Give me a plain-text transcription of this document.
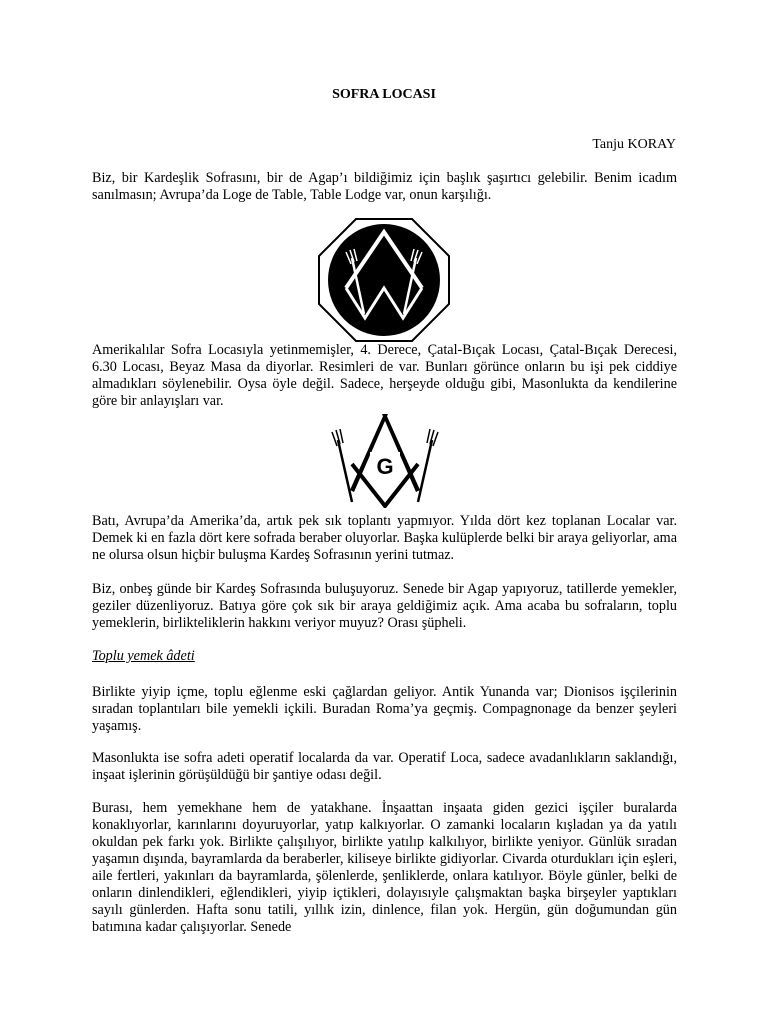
SOFRA LOCASI
Tanju KORAY

Biz, bir Kardeşlik Sofrasını, bir de Agap’ı bildiğimiz için başlık şaşırtıcı gelebilir. Benim icadım sanılmasın; Avrupa’da Loge de Table, Table Lodge var, onun karşılığı.

Amerikalılar Sofra Locasıyla yetinmemişler, 4. Derece, Çatal-Bıçak Locası, Çatal-Bıçak Derecesi, 6.30 Locası, Beyaz Masa da diyorlar. Resimleri de var. Bunları görünce onların bu işi pek ciddiye almadıkları söylenebilir. Oysa öyle değil. Sadece, herşeyde olduğu gibi, Masonlukta da kendilerine göre bir anlayışları var.

G

Batı, Avrupa’da Amerika’da, artık pek sık toplantı yapmıyor. Yılda dört kez toplanan Localar var. Demek ki en fazla dört kere sofrada beraber oluyorlar. Başka kulüplerde belki bir araya geliyorlar, ama ne olursa olsun hiçbir buluşma Kardeş Sofrasının yerini tutmaz.

Biz, onbeş günde bir Kardeş Sofrasında buluşuyoruz. Senede bir Agap yapıyoruz, tatillerde yemekler, geziler düzenliyoruz. Batıya göre çok sık bir araya geldiğimiz açık. Ama acaba bu sofraların, toplu yemeklerin, birlikteliklerin hakkını veriyor muyuz? Orası şüpheli.

Toplu yemek âdeti

Birlikte yiyip içme, toplu eğlenme eski çağlardan geliyor. Antik Yunanda var; Dionisos işçilerinin sıradan toplantıları bile yemekli içkili. Buradan Roma’ya geçmiş. Compagnonage da benzer şeyleri yaşamış.

Masonlukta ise sofra adeti operatif localarda da var. Operatif Loca, sadece avadanlıkların saklandığı, inşaat işlerinin görüşüldüğü bir şantiye odası değil.

Burası, hem yemekhane hem de yatakhane. İnşaattan inşaata giden gezici işçiler buralarda konaklıyorlar, karınlarını doyuruyorlar, yatıp kalkıyorlar. O zamanki locaların kışladan ya da yatılı okuldan pek farkı yok. Birlikte çalışılıyor, birlikte yatılıp kalkılıyor, birlikte yeniyor. Günlük sıradan yaşamın dışında, bayramlarda da beraberler, kiliseye birlikte gidiyorlar. Civarda oturdukları için eşleri, aile fertleri, yakınları da bayramlarda, şölenlerde, şenliklerde, onlara katılıyor. Böyle günler, belki de onların dinlendikleri, eğlendikleri, yiyip içtikleri, dolayısıyle çalışmaktan başka birşeyler yaptıkları sayılı günlerden. Hafta sonu tatili, yıllık izin, dinlence, filan yok. Hergün, gün doğumundan gün batımına kadar çalışıyorlar. Senede
